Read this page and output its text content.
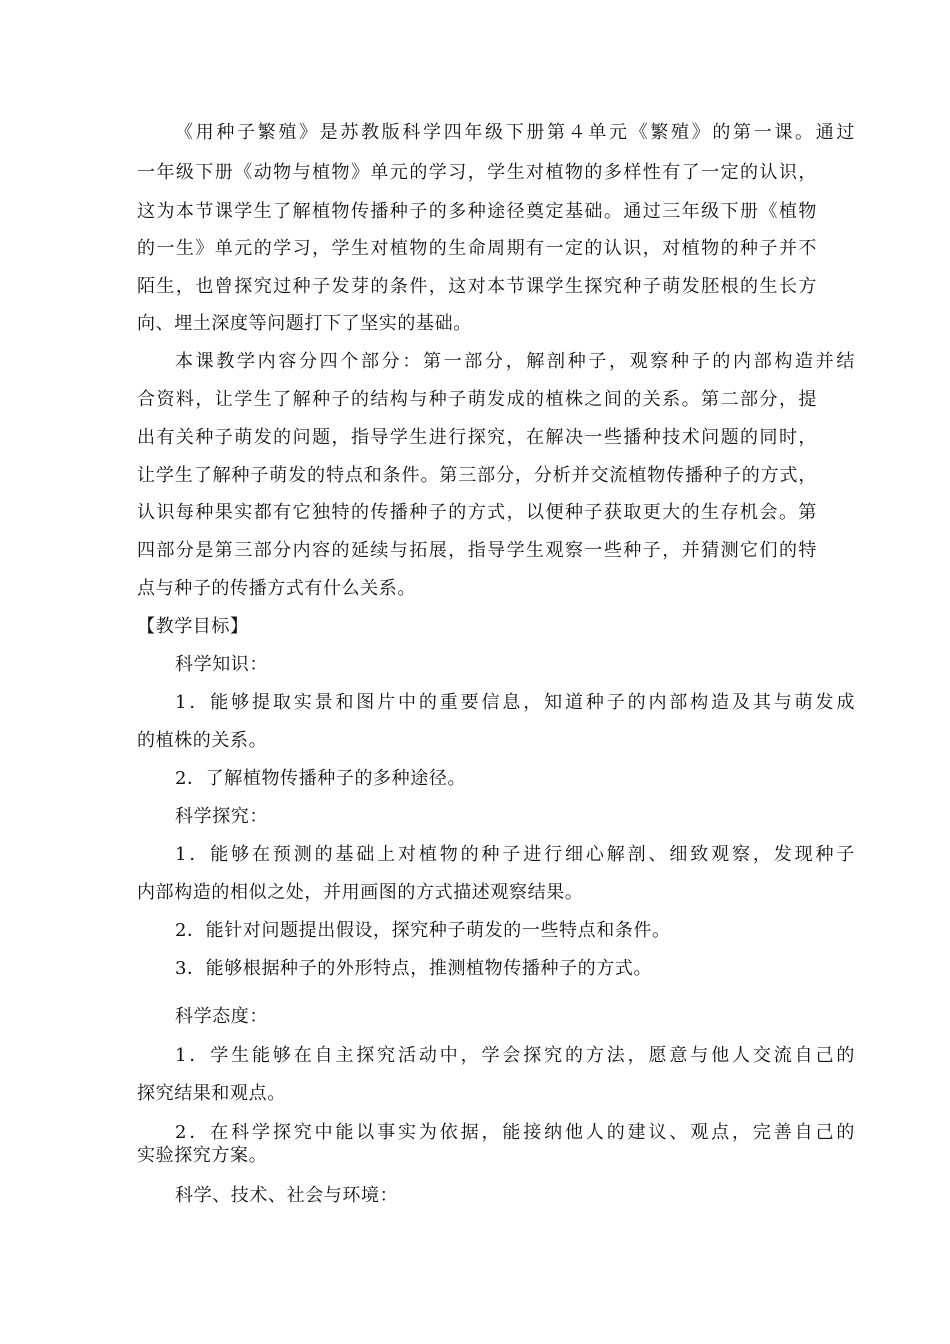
《用种子繁殖》是苏教版科学四年级下册第４单元《繁殖》的第一课。通过
一年级下册《动物与植物》单元的学习，学生对植物的多样性有了一定的认识，
这为本节课学生了解植物传播种子的多种途径奠定基础。通过三年级下册《植物
的一生》单元的学习，学生对植物的生命周期有一定的认识，对植物的种子并不
陌生，也曾探究过种子发芽的条件，这对本节课学生探究种子萌发胚根的生长方
向、埋土深度等问题打下了坚实的基础。
本课教学内容分四个部分：第一部分，解剖种子，观察种子的内部构造并结
合资料，让学生了解种子的结构与种子萌发成的植株之间的关系。第二部分，提
出有关种子萌发的问题，指导学生进行探究，在解决一些播种技术问题的同时，
让学生了解种子萌发的特点和条件。第三部分，分析并交流植物传播种子的方式，
认识每种果实都有它独特的传播种子的方式，以便种子获取更大的生存机会。第
四部分是第三部分内容的延续与拓展，指导学生观察一些种子，并猜测它们的特
点与种子的传播方式有什么关系。
【教学目标】
科学知识：
1．能够提取实景和图片中的重要信息，知道种子的内部构造及其与萌发成
的植株的关系。
2．了解植物传播种子的多种途径。
科学探究：
1．能够在预测的基础上对植物的种子进行细心解剖、细致观察，发现种子
内部构造的相似之处，并用画图的方式描述观察结果。
2．能针对问题提出假设，探究种子萌发的一些特点和条件。
3．能够根据种子的外形特点，推测植物传播种子的方式。
科学态度：
1．学生能够在自主探究活动中，学会探究的方法，愿意与他人交流自己的
探究结果和观点。
2．在科学探究中能以事实为依据，能接纳他人的建议、观点，完善自己的
实验探究方案。
科学、技术、社会与环境：
